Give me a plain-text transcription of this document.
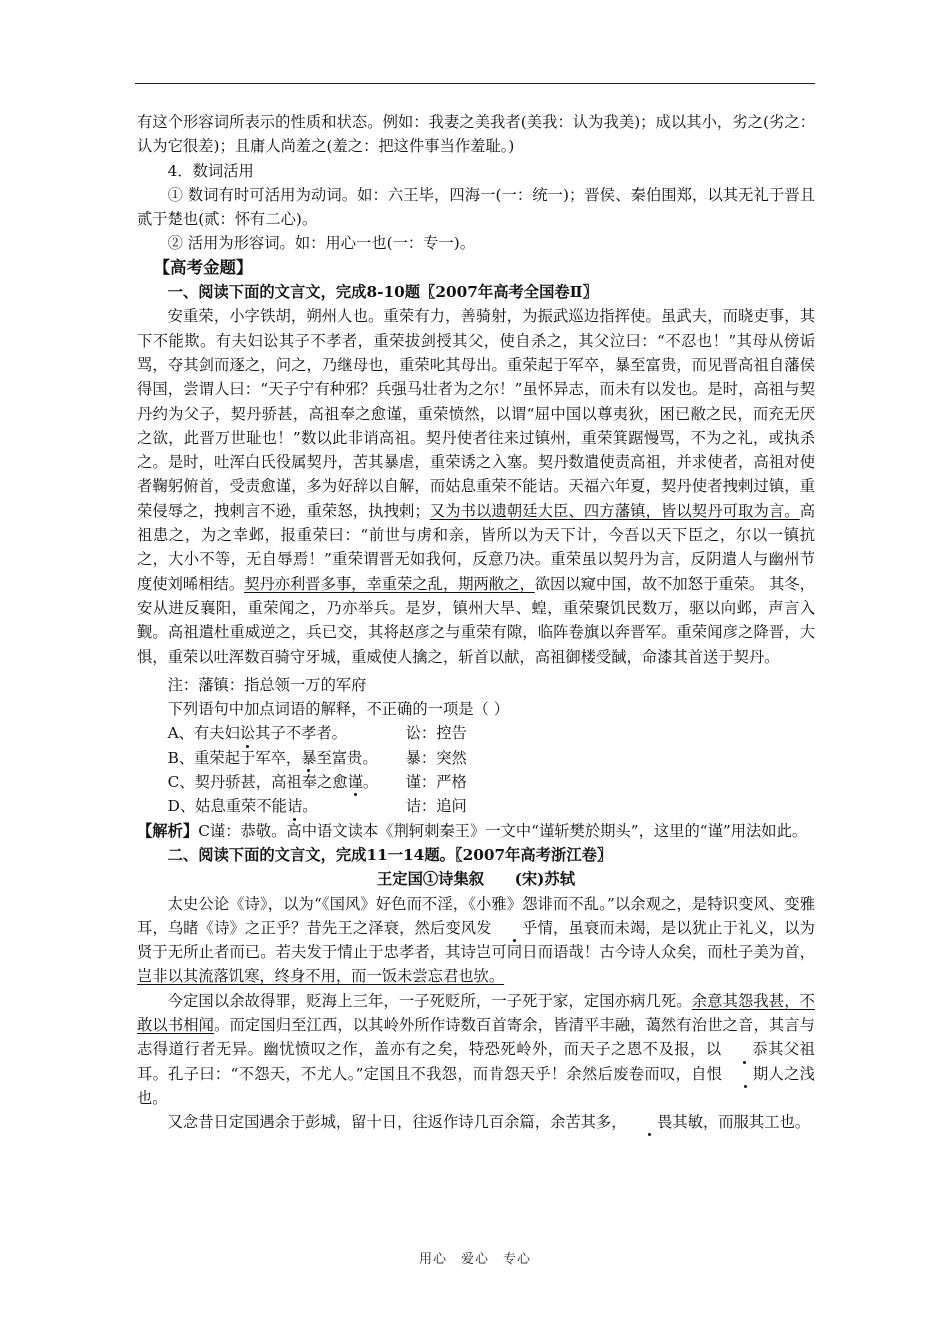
有这个形容词所表示的性质和状态。例如：我妻之美我者(美我：认为我美)；成以其小，劣之(劣之：认为它很差)；且庸人尚羞之(羞之：把这件事当作羞耻。)

4．数词活用

① 数词有时可活用为动词。如：六王毕，四海一(一：统一)；晋侯、秦伯围郑，以其无礼于晋且贰于楚也(贰：怀有二心)。

② 活用为形容词。如：用心一也(一：专一)。

【高考金题】

一、阅读下面的文言文，完成8-10题〖2007年高考全国卷Ⅱ〗

安重荣，小字铁胡，朔州人也。重荣有力，善骑射，为振武巡边指挥使。虽武夫，而晓吏事，其下不能欺。有夫妇讼其子不孝者，重荣拔剑授其父，使自杀之，其父泣曰：“不忍也！”其母从傍诟骂，夺其剑而逐之，问之，乃继母也，重荣叱其母出。重荣起于军卒，暴至富贵，而见晋高祖自藩侯得国，尝谓人曰：“天子宁有种邪？兵强马壮者为之尔！”虽怀异志，而未有以发也。是时，高祖与契丹约为父子，契丹骄甚，高祖奉之愈谨，重荣愤然，以谓“屈中国以尊夷狄，困已敝之民，而充无厌之欲，此晋万世耻也！”数以此非诮高祖。契丹使者往来过镇州，重荣箕踞慢骂，不为之礼，或执杀之。是时，吐浑白氏役属契丹，苦其暴虐，重荣诱之入塞。契丹数遣使责高祖，并求使者，高祖对使者鞠躬俯首，受责愈谨，多为好辞以自解，而姑息重荣不能诘。天福六年夏，契丹使者拽剌过镇，重荣侵辱之，拽剌言不逊，重荣怒，执拽剌；又为书以遗朝廷大臣、四方藩镇，皆以契丹可取为言。高祖患之，为之幸邺，报重荣曰：“前世与虏和亲，皆所以为天下计，今吾以天下臣之，尔以一镇抗之，大小不等，无自辱焉！”重荣谓晋无如我何，反意乃决。重荣虽以契丹为言，反阴遣人与幽州节度使刘晞相结。契丹亦利晋多事，幸重荣之乱，期两敝之，欲因以窥中国，故不加怒于重荣。 其冬，安从进反襄阳，重荣闻之，乃亦举兵。是岁，镇州大旱、蝗，重荣聚饥民数万，驱以向邺，声言入觐。高祖遣杜重威逆之，兵已交，其将赵彦之与重荣有隙，临阵卷旗以奔晋军。重荣闻彦之降晋，大惧，重荣以吐浑数百骑守牙城，重威使人擒之，斩首以献，高祖御楼受馘，命漆其首送于契丹。

注：藩镇：指总领一万的军府

下列语句中加点词语的解释，不正确的一项是（ ）

A、有夫妇讼其子不孝者。	讼：控告
B、重荣起于军卒，暴至富贵。	暴：突然
C、契丹骄甚，高祖奉之愈谨。	谨：严格
D、姑息重荣不能诘。	诘：追问

【解析】C谨：恭敬。高中语文读本《荆轲刺秦王》一文中“谨斩樊於期头”，这里的“谨”用法如此。

二、阅读下面的文言文，完成11一14题。〖2007年高考浙江卷〗

王定国①诗集叙　　(宋)苏轼

太史公论《诗》，以为“《国风》好色而不淫，《小雅》怨诽而不乱。”以余观之，是特识变风、变雅耳，乌睹《诗》之正乎？昔先王之泽衰，然后变风发 乎情，虽衰而未竭，是以犹止于礼义，以为贤于无所止者而已。若夫发于情止于忠孝者，其诗岂可同日而语哉！古今诗人众矣，而杜子美为首，岂非以其流落饥寒，终身不用，而一饭未尝忘君也欤。

今定国以余故得罪，贬海上三年，一子死贬所，一子死于家，定国亦病几死。余意其怨我甚，不敢以书相闻。而定国归至江西，以其岭外所作诗数百首寄余，皆清平丰融，蔼然有治世之音，其言与志得道行者无异。幽忧愤叹之作，盖亦有之矣，特恐死岭外，而天子之恩不及报，以 忝其父祖耳。孔子曰：“不怨天，不尤人。”定国且不我怨，而肯怨天乎！余然后废卷而叹，自恨 期人之浅也。

又念昔日定国遇余于彭城，留十日，往返作诗几百余篇，余苦其多， 畏其敏，而服其工也。

用心　爱心　专心
